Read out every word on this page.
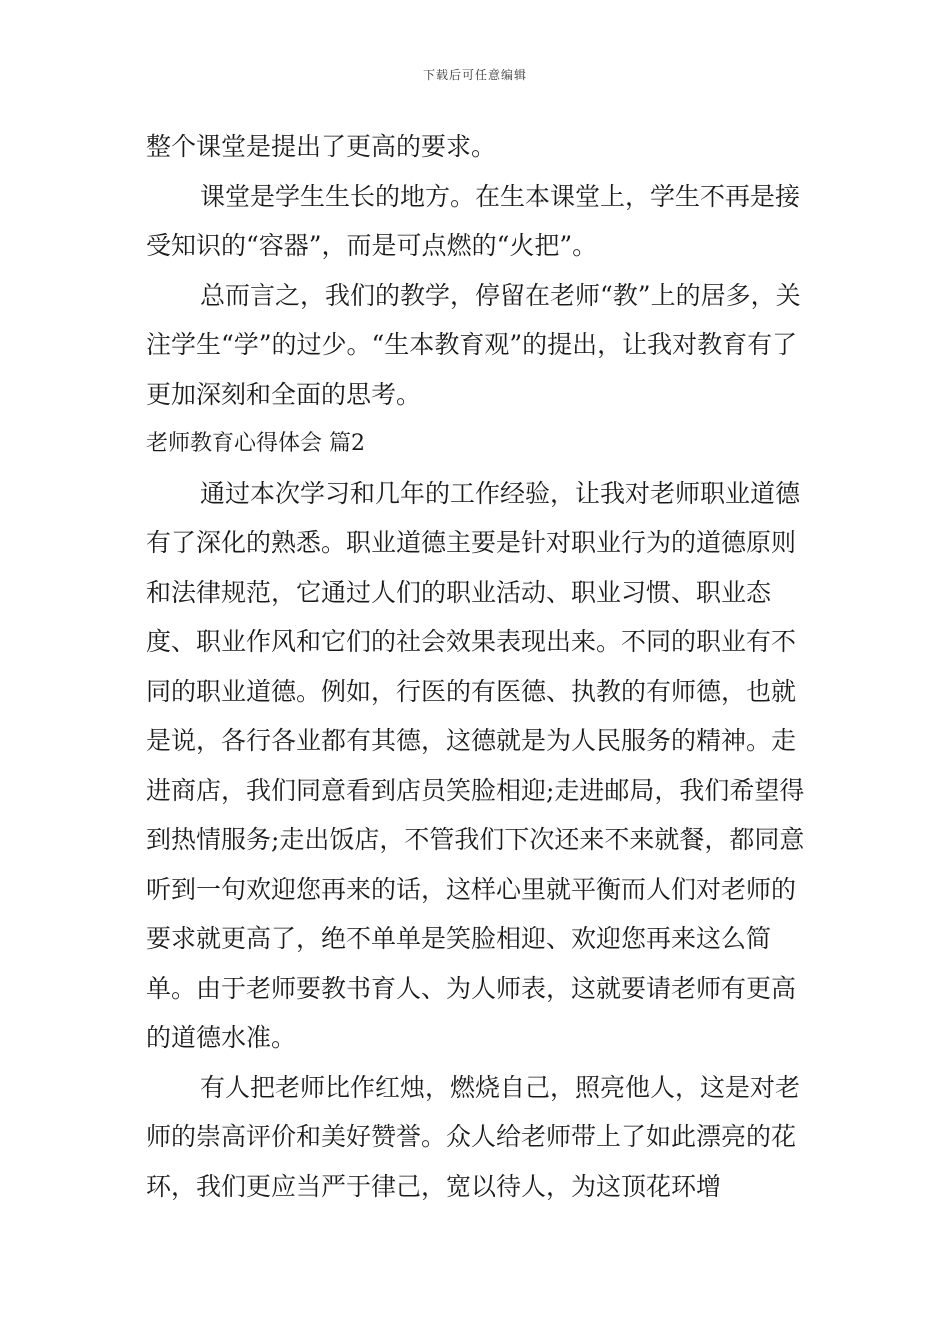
下载后可任意编辑

整个课堂是提出了更高的要求。

课堂是学生生长的地方。在生本课堂上，学生不再是接受知识的“容器”，而是可点燃的“火把”。

总而言之，我们的教学，停留在老师“教”上的居多，关注学生“学”的过少。“生本教育观”的提出，让我对教育有了更加深刻和全面的思考。

老师教育心得体会 篇2

通过本次学习和几年的工作经验，让我对老师职业道德有了深化的熟悉。职业道德主要是针对职业行为的道德原则和法律规范，它通过人们的职业活动、职业习惯、职业态度、职业作风和它们的社会效果表现出来。不同的职业有不同的职业道德。例如，行医的有医德、执教的有师德，也就是说，各行各业都有其德，这德就是为人民服务的精神。走进商店，我们同意看到店员笑脸相迎;走进邮局，我们希望得到热情服务;走出饭店，不管我们下次还来不来就餐，都同意听到一句欢迎您再来的话，这样心里就平衡而人们对老师的要求就更高了，绝不单单是笑脸相迎、欢迎您再来这么简单。由于老师要教书育人、为人师表，这就要请老师有更高的道德水准。

有人把老师比作红烛，燃烧自己，照亮他人，这是对老师的崇高评价和美好赞誉。众人给老师带上了如此漂亮的花环，我们更应当严于律己，宽以待人，为这顶花环增
